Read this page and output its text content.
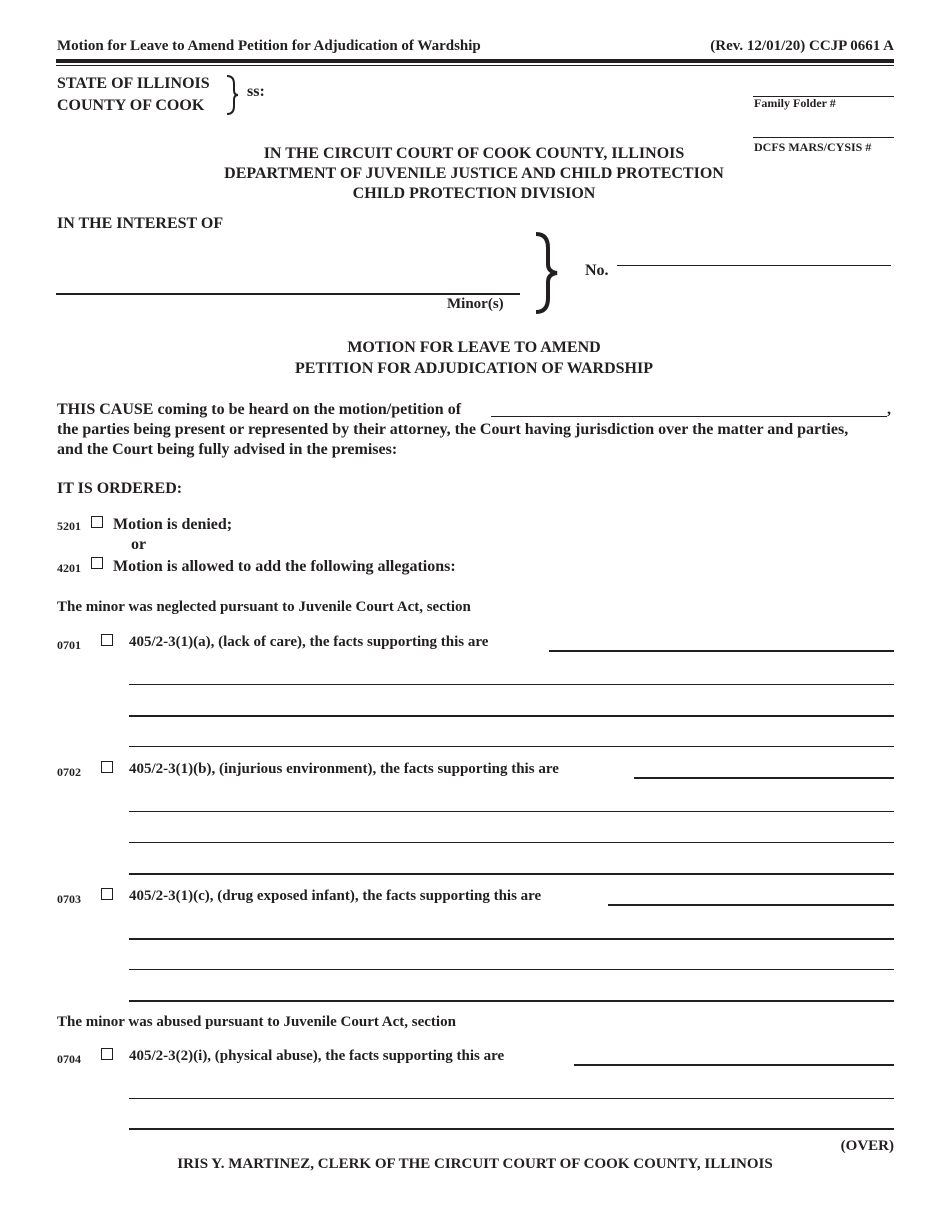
Motion for Leave to Amend Petition for Adjudication of Wardship	(Rev. 12/01/20) CCJP 0661 A
STATE OF ILLINOIS
COUNTY OF COOK
ss:
Family Folder #
DCFS MARS/CYSIS #
IN THE CIRCUIT COURT OF COOK COUNTY, ILLINOIS
DEPARTMENT OF JUVENILE JUSTICE AND CHILD PROTECTION
CHILD PROTECTION DIVISION
IN THE INTEREST OF
Minor(s)
No.
MOTION FOR LEAVE TO AMEND
PETITION FOR ADJUDICATION OF WARDSHIP
THIS CAUSE coming to be heard on the motion/petition of	,
the parties being present or represented by their attorney, the Court having jurisdiction over the matter and parties,
and the Court being fully advised in the premises:
IT IS ORDERED:
5201 Motion is denied;
or
4201 Motion is allowed to add the following allegations:
The minor was neglected pursuant to Juvenile Court Act, section
0701	405/2-3(1)(a), (lack of care), the facts supporting this are
0702	405/2-3(1)(b), (injurious environment), the facts supporting this are
0703	405/2-3(1)(c), (drug exposed infant), the facts supporting this are
The minor was abused pursuant to Juvenile Court Act, section
0704	405/2-3(2)(i), (physical abuse), the facts supporting this are
(OVER)
IRIS Y. MARTINEZ, CLERK OF THE CIRCUIT COURT OF COOK COUNTY, ILLINOIS
